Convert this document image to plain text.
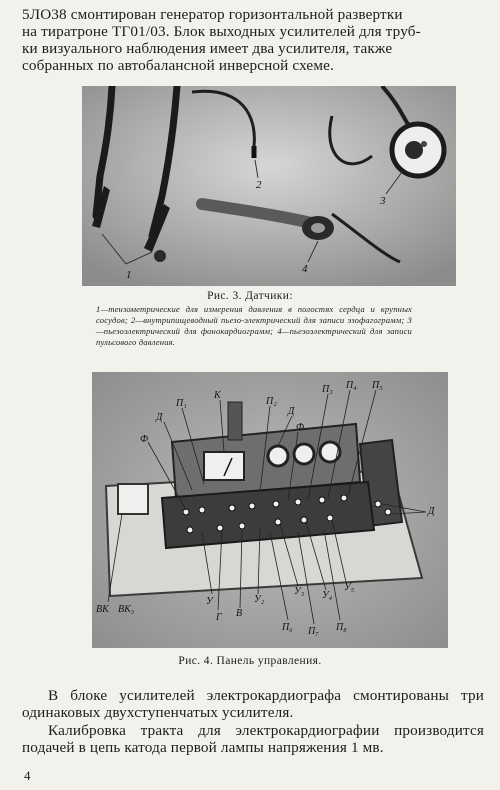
5ЛО38 смонтирован генератор горизонтальной развертки
на тиратроне ТГ01/03. Блок выходных усилителей для труб-
ки визуального наблюдения имеет два усилителя, также
собранных по автобалансной инверсной схеме.

1
2
3
4
Рис. 3. Датчики:
1—тензометрические для измерения давления в полостях сердца и крупных сосудов; 2—внутрипищеводный пьезо-электрический для записи эзофагограмм; 3—пьезоэлектрический для фонокардиограмм; 4—пьезоэлектрический для записи пульсового давления.
Ф
Д
П₁
К
П₂
Д
Ф
П₃ П₄ П₅
Д
ВК ВК₃
У
Г В
У₂
У₃ У₄
У₅
П₆ П₇ П₈
Рис. 4. Панель управления.

В блоке усилителей электрокардиографа смонтированы три одинаковых двухступенчатых усилителя.

Калибровка тракта для электрокардиографии производится подачей в цепь катода первой лампы напряжения 1 мв.

4
